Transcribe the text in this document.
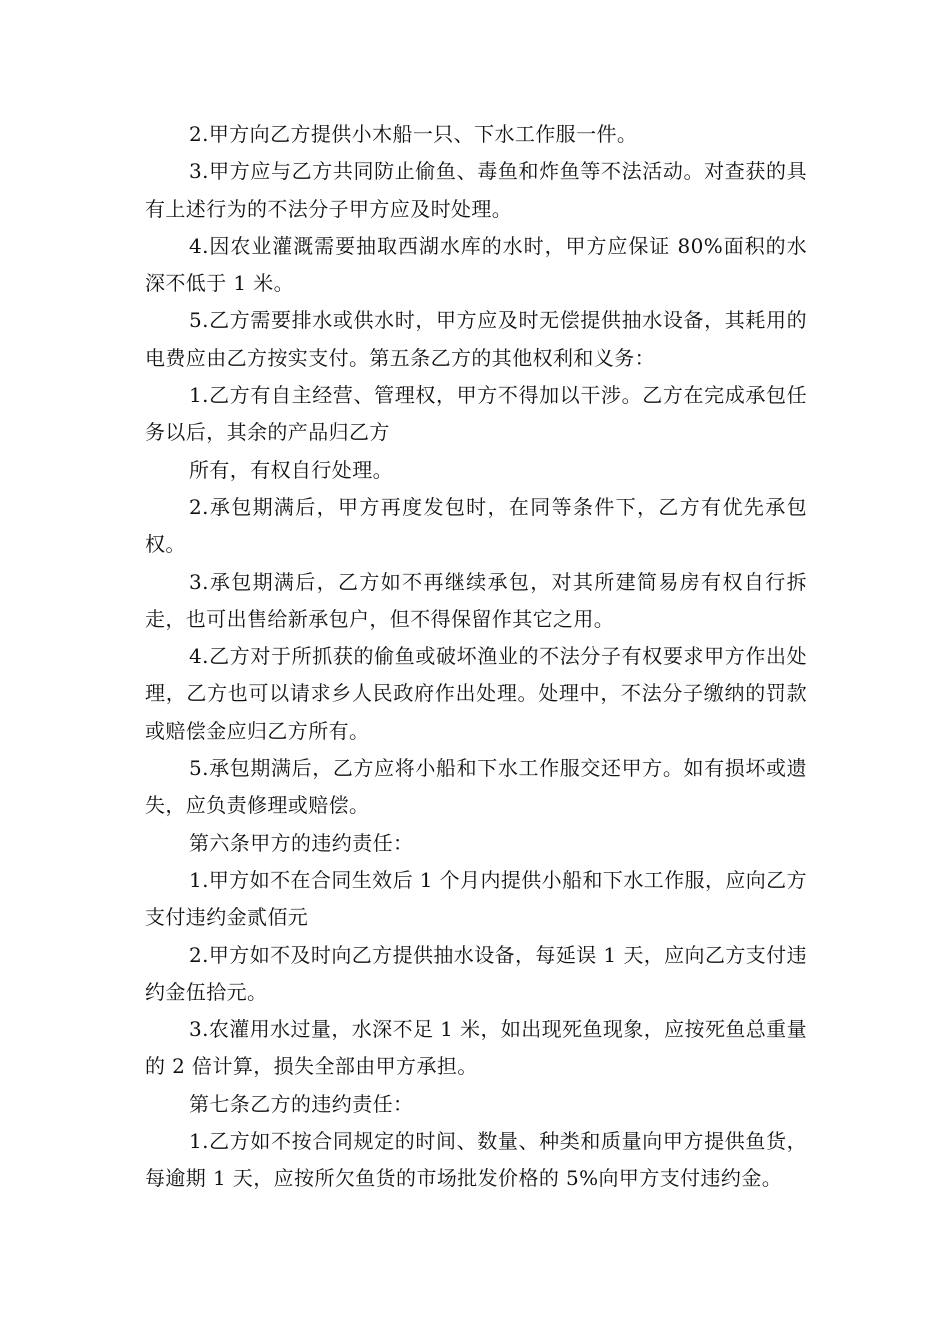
2.甲方向乙方提供小木船一只、下水工作服一件。

3.甲方应与乙方共同防止偷鱼、毒鱼和炸鱼等不法活动。对查获的具有上述行为的不法分子甲方应及时处理。

4.因农业灌溉需要抽取西湖水库的水时，甲方应保证 80%面积的水深不低于 1 米。

5.乙方需要排水或供水时，甲方应及时无偿提供抽水设备，其耗用的电费应由乙方按实支付。第五条乙方的其他权利和义务：

1.乙方有自主经营、管理权，甲方不得加以干涉。乙方在完成承包任务以后，其余的产品归乙方

所有，有权自行处理。

2.承包期满后，甲方再度发包时，在同等条件下，乙方有优先承包权。

3.承包期满后，乙方如不再继续承包，对其所建简易房有权自行拆走，也可出售给新承包户，但不得保留作其它之用。

4.乙方对于所抓获的偷鱼或破坏渔业的不法分子有权要求甲方作出处理，乙方也可以请求乡人民政府作出处理。处理中，不法分子缴纳的罚款或赔偿金应归乙方所有。

5.承包期满后，乙方应将小船和下水工作服交还甲方。如有损坏或遗失，应负责修理或赔偿。

第六条甲方的违约责任：

1.甲方如不在合同生效后 1 个月内提供小船和下水工作服，应向乙方支付违约金贰佰元

2.甲方如不及时向乙方提供抽水设备，每延误 1 天，应向乙方支付违约金伍拾元。

3.农灌用水过量，水深不足 1 米，如出现死鱼现象，应按死鱼总重量的 2 倍计算，损失全部由甲方承担。

第七条乙方的违约责任：

1.乙方如不按合同规定的时间、数量、种类和质量向甲方提供鱼货，每逾期 1 天，应按所欠鱼货的市场批发价格的 5%向甲方支付违约金。
